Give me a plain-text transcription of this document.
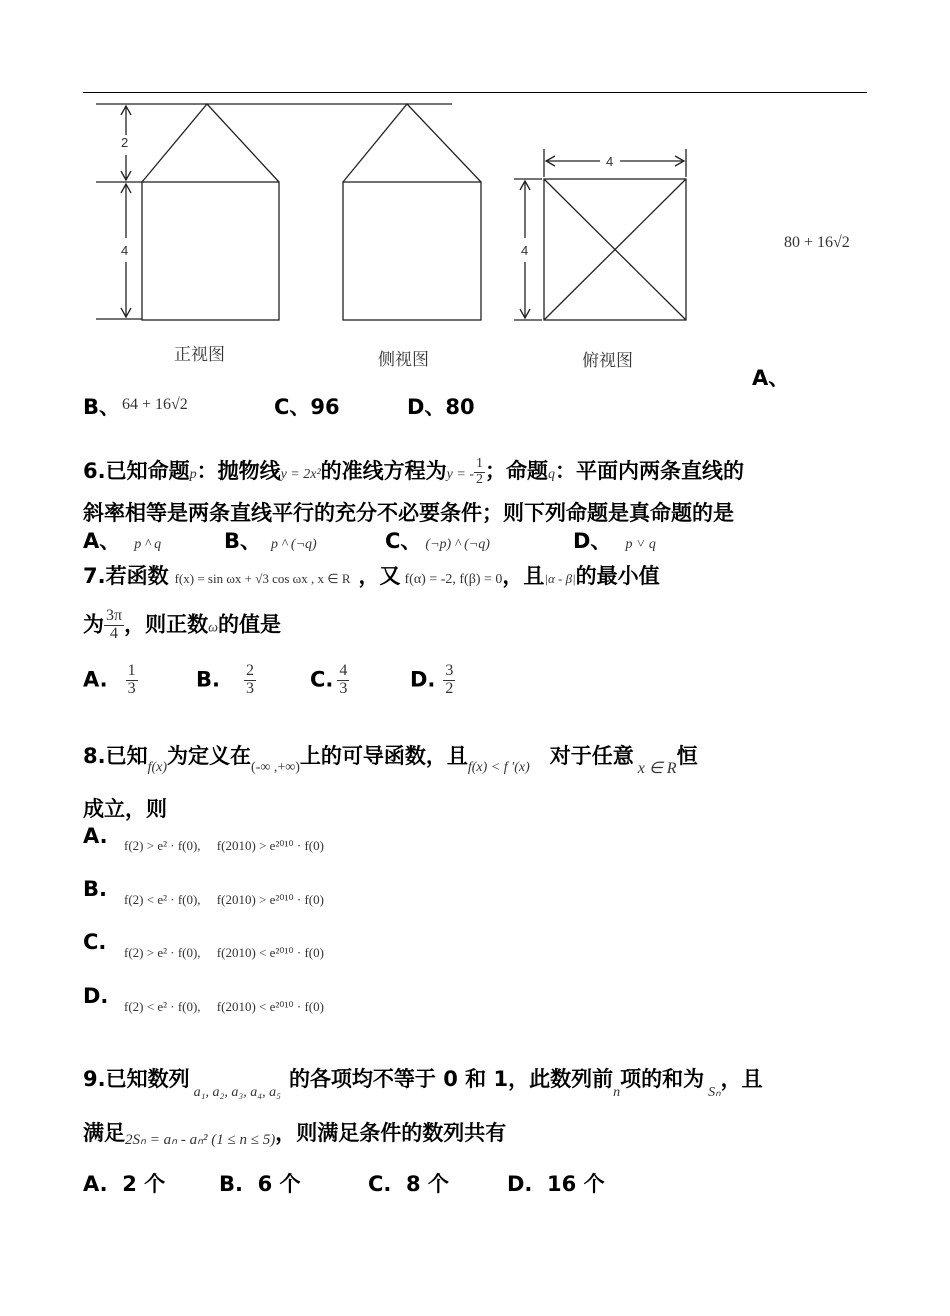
2
4
4
4
正视图	侧视图	俯视图
80 + 16√2
A、
B、 64 + 16√2	C、96	D、80
6.已知命题p：抛物线y = 2x²的准线方程为y = - $\frac{1}{2}$ ；命题q：平面内两条直线的
斜率相等是两条直线平行的充分不必要条件；则下列命题是真命题的是
A、 p ^ q	B、 p ^ (¬q)	C、 (¬p) ^ (¬q)	D、 p ˅ q
7.若函数 f(x) = sin ωx + √3 cos ωx , x ∈ R ，又 f(α) = -2, f(β) = 0，且|α - β|的最小值
为 $\frac{3\pi}{4}$ ，则正数ω的值是
A. $\frac{1}{3}$	B. $\frac{2}{3}$	C. $\frac{4}{3}$	D. $\frac{3}{2}$
8.已知$_{f(x)}$为定义在$_{(-\infty ,+\infty)}$上的可导函数，且$_{f(x) < f '(x)}$ 对于任意$_{x \in R}$恒
成立，则
A. f(2) > e² · f(0),     f(2010) > e²⁰¹⁰ · f(0)
B. f(2) < e² · f(0),     f(2010) > e²⁰¹⁰ · f(0)
C. f(2) > e² · f(0),     f(2010) < e²⁰¹⁰ · f(0)
D. f(2) < e² · f(0),     f(2010) < e²⁰¹⁰ · f(0)
9.已知数列$_{a_1, a_2, a_3, a_4, a_5}$的各项均不等于 0 和 1，此数列前$_n$项的和为$_{S_n}$，且
满足2Sₙ = aₙ - aₙ² (1 ≤ n ≤ 5)，则满足条件的数列共有
A.  2 个	B.  6 个	C.  8 个	D.  16 个
